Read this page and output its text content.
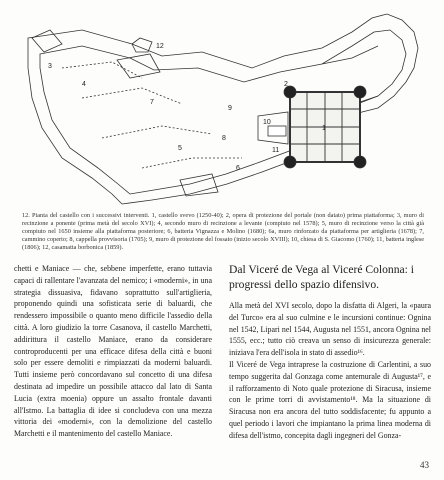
12
3
4
7
5
8
9
6
10
11
2
1
12. Pianta del castello con i successivi interventi. 1, castello svevo (1250-40); 2, opera di protezione del portale (non datato) prima piattaforma; 3, muro di recinzione a ponente (prima metà del secolo XVI); 4, secondo muro di recinzione a levante (compiuto nel 1578); 5, muro di recinzione verso la città già compiuto nel 1650 insieme alla piattaforma posteriore; 6, batteria Vignazza e Molino (1680); 6a, muro rinforzato da piattaforma per artiglieria (1678); 7, cammino coperto; 8, cappella provvisoria (1705); 9, muro di protezione del fossato (inizio secolo XVIII); 10, chiesa di S. Giacomo (1760); 11, batteria inglese (1806); 12, casamatta borbonica (1859).
chetti e Maniace — che, sebbene imperfette, erano tuttavia capaci di rallentare l'avanzata del nemico; i «moderni», in una strategia dissuasiva, fidavano soprattutto sull'artiglieria, proponendo quindi una sofisticata serie di baluardi, che rendessero impossibile o quanto meno difficile l'assedio della città. A loro giudizio la torre Casanova, il castello Marchetti, addirittura il castello Maniace, erano da considerare controproducenti per una efficace difesa della città e buoni solo per essere demoliti e rimpiazzati da moderni baluardi. Tutti insieme però concordavano sul concetto di una difesa destinata ad impedire un possibile attacco dal lato di Santa Lucia (extra moenia) oppure un assalto frontale davanti all'Istmo. La battaglia di idee si concludeva con una mezza vittoria dei «moderni», con la demolizione del castello Marchetti e il mantenimento del castello Maniace.
Dal Viceré de Vega al Viceré Colonna: i progressi dello spazio difensivo.

Alla metà del XVI secolo, dopo la disfatta di Algeri, la «paura del Turco» era al suo culmine e le incursioni continue: Ognina nel 1542, Lipari nel 1544, Augusta nel 1551, ancora Ognina nel 1555, ecc.; tutto ciò creava un senso di insicurezza generale: iniziava l'era dell'isola in stato di assedio¹⁶.

Il Viceré de Vega intraprese la costruzione di Carlentini, a suo tempo suggerita dal Gonzaga come antemurale di Augusta¹⁷, e il rafforzamento di Noto quale protezione di Siracusa, insieme con le prime torri di avvistamento¹⁸. Ma la situazione di Siracusa non era ancora del tutto soddisfacente; fu appunto a quel periodo i lavori che impiantano la prima linea moderna di difesa dell'istmo, concepita dagli ingegneri del Gonza-

43
